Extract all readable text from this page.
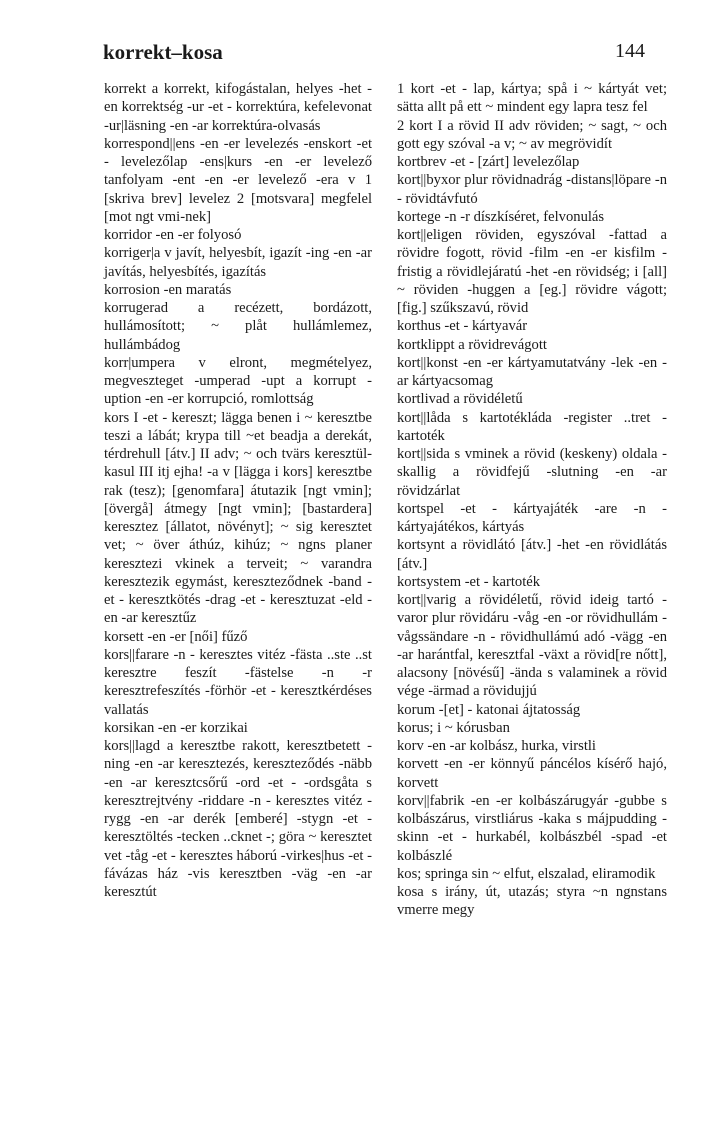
korrekt–kosa	144

korrekt a korrekt, kifogástalan, helyes -het -en korrektség -ur -et - korrektúra, kefelevonat -ur|läsning -en -ar korrektúra-olvasás

korrespond||ens -en -er levelezés -enskort -et - levelezőlap -ens|kurs -en -er levelező tanfolyam -ent -en -er levelező -era v 1 [skriva brev] levelez 2 [motsvara] megfelel [mot ngt vmi-nek]

korridor -en -er folyosó

korriger|a v javít, helyesbít, igazít -ing -en -ar javítás, helyesbítés, igazítás

korrosion -en maratás

korrugerad a recézett, bordázott, hullámosított; ~ plåt hullámlemez, hullámbádog

korr|umpera v elront, megmételyez, megveszteget -umperad -upt a korrupt -uption -en -er korrupció, romlottság

kors I -et - kereszt; lägga benen i ~ keresztbe teszi a lábát; krypa till ~et beadja a derekát, térdrehull [átv.] II adv; ~ och tvärs keresztül-kasul III itj ejha! -a v [lägga i kors] keresztbe rak (tesz); [genomfara] átutazik [ngt vmin]; [övergå] átmegy [ngt vmin]; [bastardera] keresztez [állatot, növényt]; ~ sig keresztet vet; ~ över áthúz, kihúz; ~ ngns planer keresztezi vkinek a terveit; ~ varandra keresztezik egymást, kereszteződnek -band -et - keresztkötés -drag -et - keresztuzat -eld -en -ar keresztűz

korsett -en -er [női] fűző

kors||farare -n - keresztes vitéz -fästa ..ste ..st keresztre feszít -fästelse -n -r keresztrefeszítés -förhör -et - keresztkérdéses vallatás

korsikan -en -er korzikai

kors||lagd a keresztbe rakott, keresztbetett -ning -en -ar keresztezés, kereszteződés -näbb -en -ar keresztcsőrű -ord -et - -ordsgåta s keresztrejtvény -riddare -n - keresztes vitéz -rygg -en -ar derék [emberé] -stygn -et - keresztöltés -tecken ..cknet -; göra ~ keresztet vet -tåg -et - keresztes háború -virkes|hus -et - fávázas ház -vis keresztben -väg -en -ar keresztút

1 kort -et - lap, kártya; spå i ~ kártyát vet; sätta allt på ett ~ mindent egy lapra tesz fel

2 kort I a rövid II adv röviden; ~ sagt, ~ och gott egy szóval -a v; ~ av megrövidít

kortbrev -et - [zárt] levelezőlap

kort||byxor plur rövidnadrág -distans|löpare -n - rövidtávfutó

kortege -n -r díszkíséret, felvonulás

kort||eligen röviden, egyszóval -fattad a rövidre fogott, rövid -film -en -er kisfilm -fristig a rövidlejáratú -het -en rövidség; i [all] ~ röviden -huggen a [eg.] rövidre vágott; [fig.] szűkszavú, rövid

korthus -et - kártyavár

kortklippt a rövidrevágott

kort||konst -en -er kártyamutatvány -lek -en -ar kártyacsomag

kortlivad a rövidéletű

kort||låda s kartotékláda -register ..tret - kartoték

kort||sida s vminek a rövid (keskeny) oldala -skallig a rövidfejű -slutning -en -ar rövidzárlat

kortspel -et - kártyajáték -are -n - kártyajátékos, kártyás

kortsynt a rövidlátó [átv.] -het -en rövidlátás [átv.]

kortsystem -et - kartoték

kort||varig a rövidéletű, rövid ideig tartó -varor plur rövidáru -våg -en -or rövidhullám -vågssändare -n - rövidhullámú adó -vägg -en -ar harántfal, keresztfal -växt a rövid[re nőtt], alacsony [növésű] -ända s valaminek a rövid vége -ärmad a rövidujjú

korum -[et] - katonai ájtatosság

korus; i ~ kórusban

korv -en -ar kolbász, hurka, virstli

korvett -en -er könnyű páncélos kísérő hajó, korvett

korv||fabrik -en -er kolbászárugyár -gubbe s kolbászárus, virstliárus -kaka s májpudding -skinn -et - hurkabél, kolbászbél -spad -et kolbászlé

kos; springa sin ~ elfut, elszalad, eliramodik

kosa s irány, út, utazás; styra ~n ngnstans vmerre megy
